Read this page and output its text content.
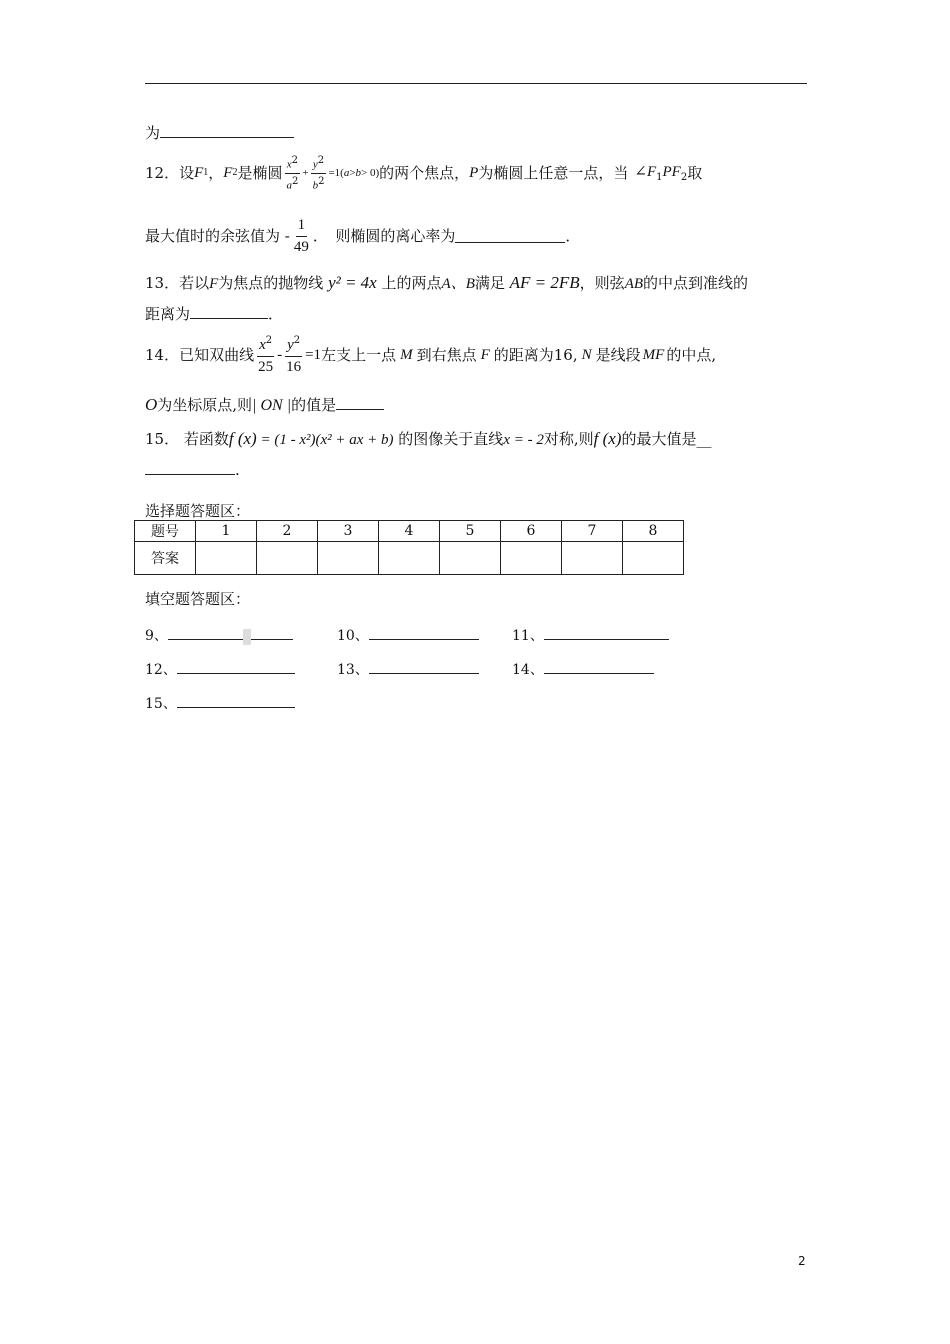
为
12．设 F 1 ， F 2 是椭圆 $\frac{x^2}{a^2} + \frac{y^2}{b^2} =1$( a > b > 0) 的两个焦点， P 为椭圆上任意一点，当 $\angle F_1PF_2$ 取
最大值时的余弦值为 - $\frac{1}{49}$ ．　则椭圆的离心率为	．
13．若以F为焦点的抛物线 y² = 4x 上的两点A、B满足 AF = 2FB，则弦AB的中点到准线的
距离为	．
14．已知双曲线 $\frac{x^2}{25} - \frac{y^2}{16} =1$ 左支上一点 M 到右焦点 F 的距离为16, N 是线段 MF 的中点,
O为坐标原点,则| ON |的值是
15． 若函数f (x) = (1 - x²)(x² + ax + b) 的图像关于直线x = - 2对称,则f (x)的最大值是__
.
选择题答题区：
题号	1	2	3	4	5	6	7	8
答案								
填空题答题区：
9、	10、	11、
12、	13、	14、
15、
2
